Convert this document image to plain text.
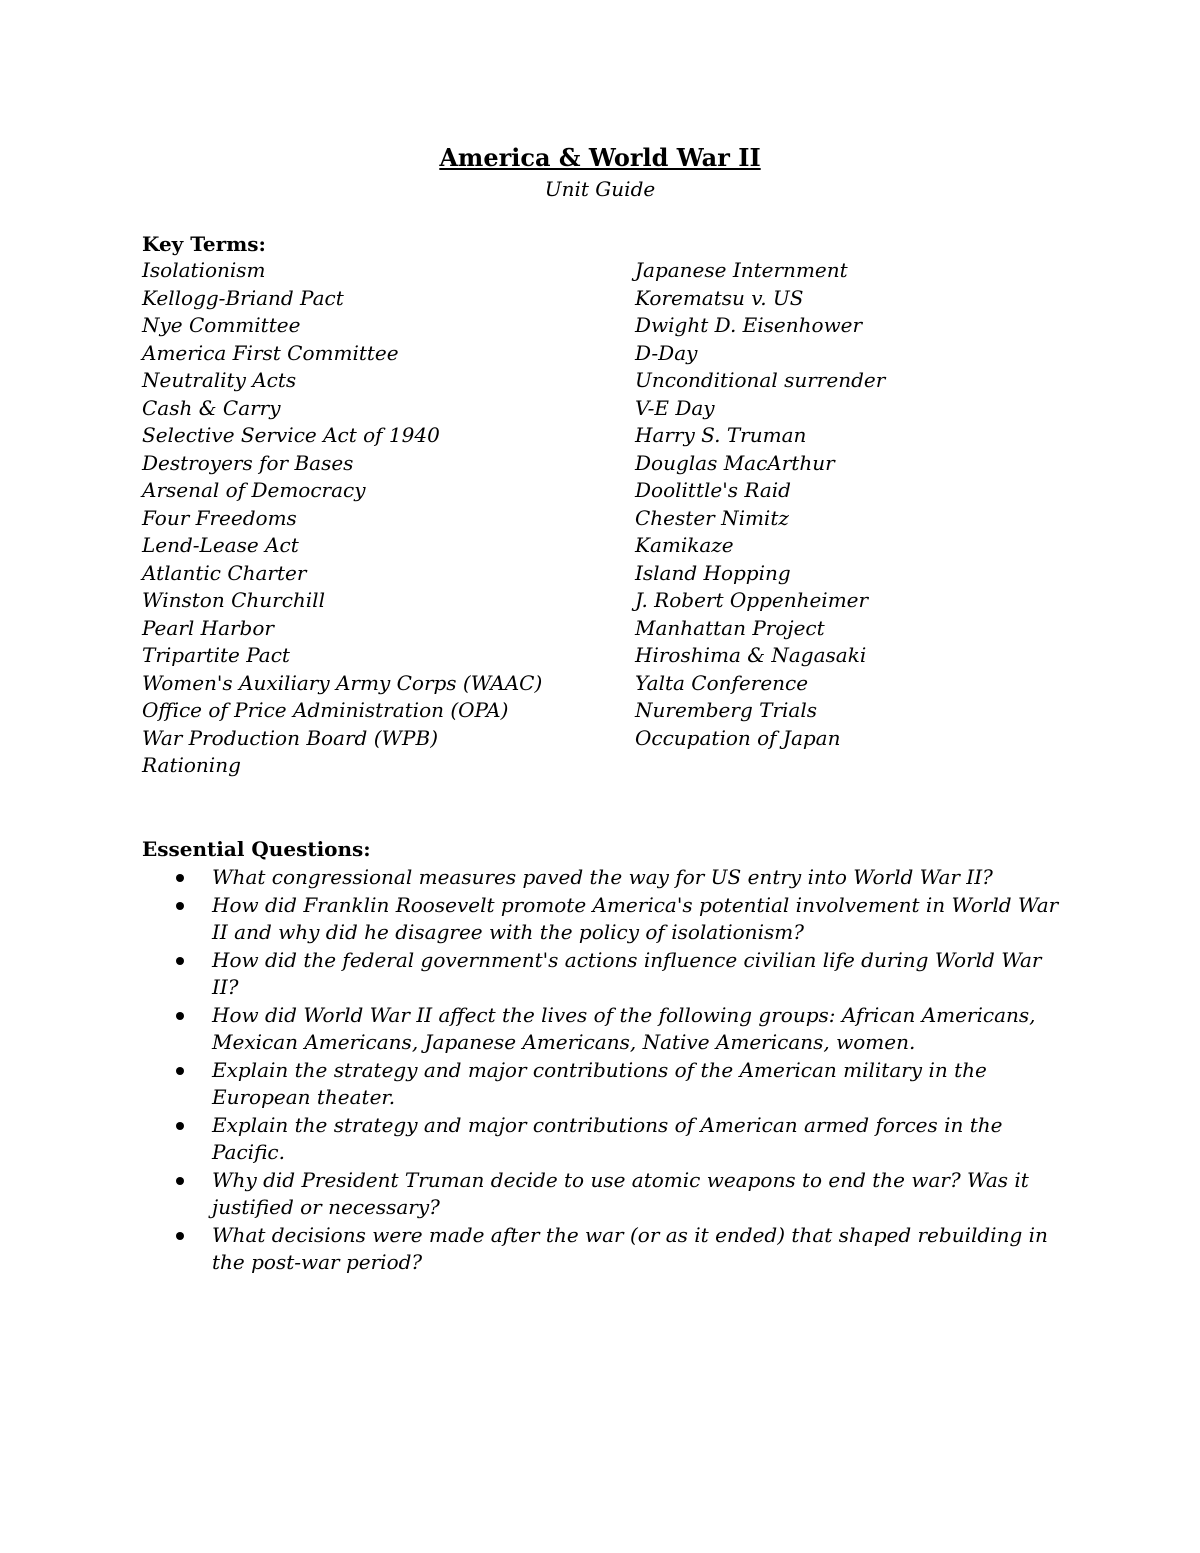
America & World War II
Unit Guide
Key Terms:
Isolationism
Kellogg-Briand Pact
Nye Committee
America First Committee
Neutrality Acts
Cash & Carry
Selective Service Act of 1940
Destroyers for Bases
Arsenal of Democracy
Four Freedoms
Lend-Lease Act
Atlantic Charter
Winston Churchill
Pearl Harbor
Tripartite Pact
Women's Auxiliary Army Corps (WAAC)
Office of Price Administration (OPA)
War Production Board (WPB)
Rationing
Japanese Internment
Korematsu v. US
Dwight D. Eisenhower
D-Day
Unconditional surrender
V-E Day
Harry S. Truman
Douglas MacArthur
Doolittle's Raid
Chester Nimitz
Kamikaze
Island Hopping
J. Robert Oppenheimer
Manhattan Project
Hiroshima & Nagasaki
Yalta Conference
Nuremberg Trials
Occupation of Japan
Essential Questions:
What congressional measures paved the way for US entry into World War II?
How did Franklin Roosevelt promote America's potential involvement in World War II and why did he disagree with the policy of isolationism?
How did the federal government's actions influence civilian life during World War II?
How did World War II affect the lives of the following groups: African Americans, Mexican Americans, Japanese Americans, Native Americans, women.
Explain the strategy and major contributions of the American military in the European theater.
Explain the strategy and major contributions of American armed forces in the Pacific.
Why did President Truman decide to use atomic weapons to end the war? Was it justified or necessary?
What decisions were made after the war (or as it ended) that shaped rebuilding in the post-war period?
